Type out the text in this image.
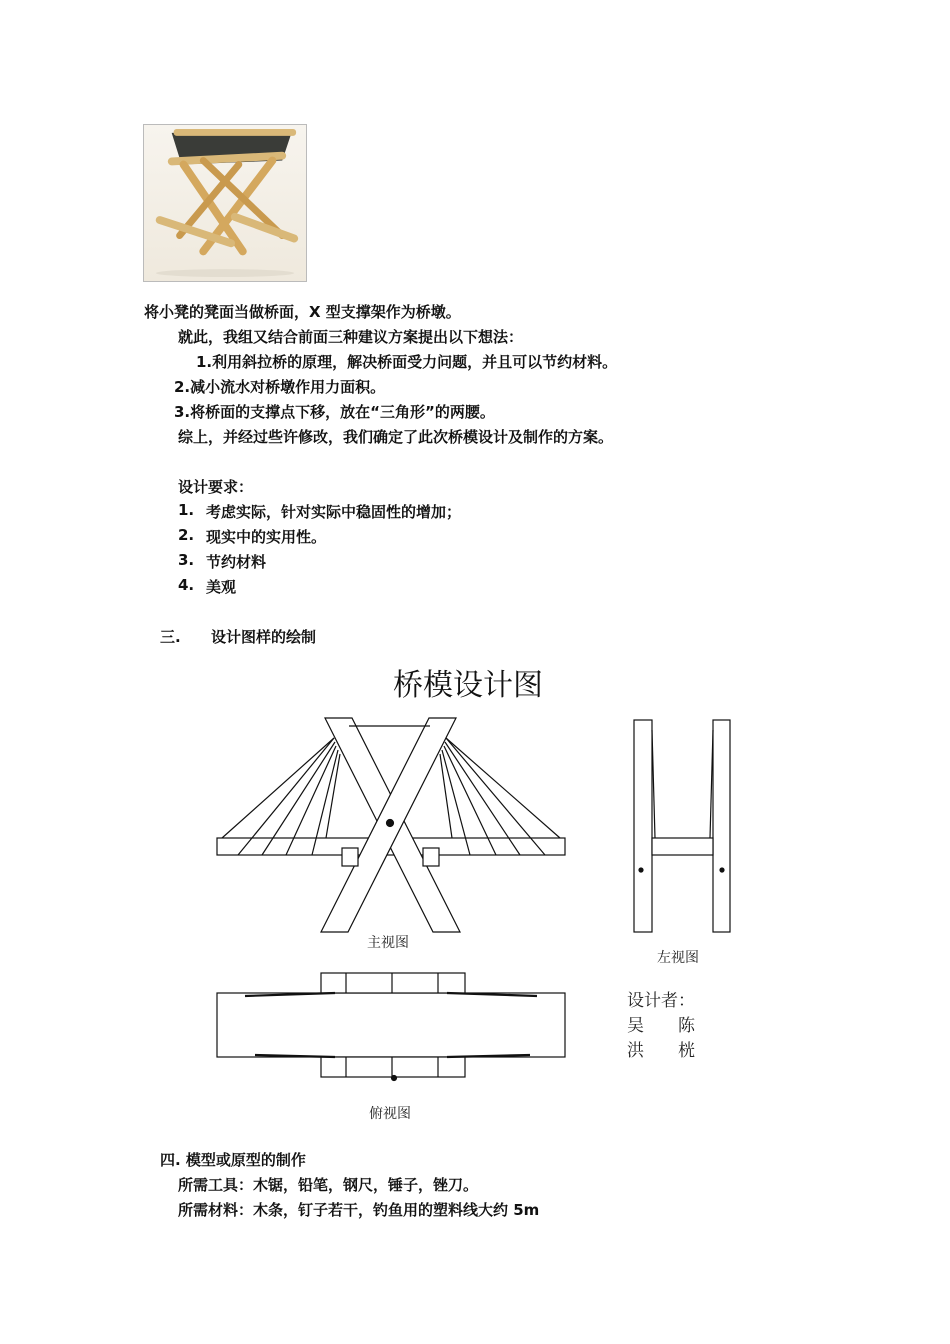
将小凳的凳面当做桥面，X 型支撑架作为桥墩。
就此，我组又结合前面三种建议方案提出以下想法：
1.利用斜拉桥的原理，解决桥面受力问题，并且可以节约材料。
2.减小流水对桥墩作用力面积。
3.将桥面的支撑点下移，放在“三角形”的两腰。
综上，并经过些许修改，我们确定了此次桥模设计及制作的方案。
设计要求：
1. 考虑实际，针对实际中稳固性的增加；
2. 现实中的实用性。
3. 节约材料
4. 美观
三. 设计图样的绘制
桥模设计图
主视图
左视图
俯视图
设计者：
吴　　陈
洪　　桄
四. 模型或原型的制作
所需工具：木锯，铅笔，钢尺，锤子，锉刀。
所需材料：木条，钉子若干，钓鱼用的塑料线大约 5m
